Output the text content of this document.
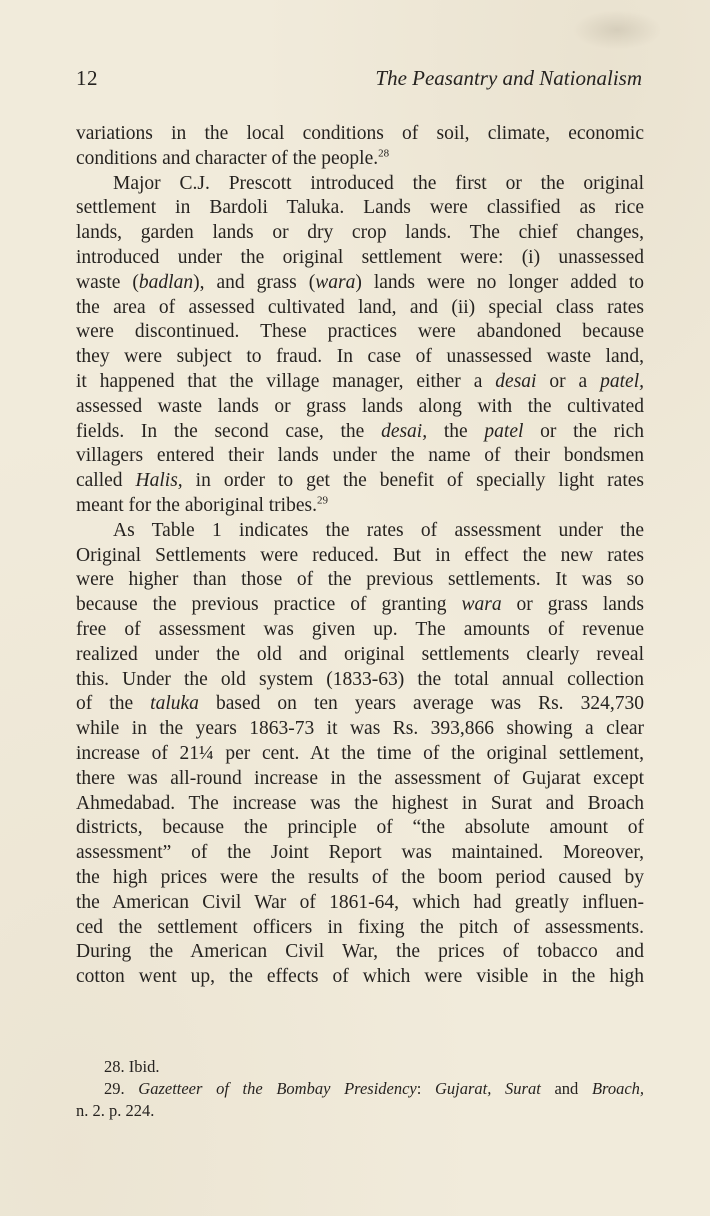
12	The Peasantry and Nationalism
variations in the local conditions of soil, climate, economic
conditions and character of the people.$^{28}$
Major C.J. Prescott introduced the first or the original
settlement in Bardoli Taluka. Lands were classified as rice
lands, garden lands or dry crop lands. The chief changes,
introduced under the original settlement were: (i) unassessed
waste (badlan), and grass (wara) lands were no longer added to
the area of assessed cultivated land, and (ii) special class rates
were discontinued. These practices were abandoned because
they were subject to fraud. In case of unassessed waste land,
it happened that the village manager, either a desai or a patel,
assessed waste lands or grass lands along with the cultivated
fields. In the second case, the desai, the patel or the rich
villagers entered their lands under the name of their bondsmen
called Halis, in order to get the benefit of specially light rates
meant for the aboriginal tribes.$^{29}$
As Table 1 indicates the rates of assessment under the
Original Settlements were reduced. But in effect the new rates
were higher than those of the previous settlements. It was so
because the previous practice of granting wara or grass lands
free of assessment was given up. The amounts of revenue
realized under the old and original settlements clearly reveal
this. Under the old system (1833-63) the total annual collection
of the taluka based on ten years average was Rs. 324,730
while in the years 1863-73 it was Rs. 393,866 showing a clear
increase of 21¼ per cent. At the time of the original settlement,
there was all-round increase in the assessment of Gujarat except
Ahmedabad. The increase was the highest in Surat and Broach
districts, because the principle of “the absolute amount of
assessment” of the Joint Report was maintained. Moreover,
the high prices were the results of the boom period caused by
the American Civil War of 1861-64, which had greatly influen-
ced the settlement officers in fixing the pitch of assessments.
During the American Civil War, the prices of tobacco and
cotton went up, the effects of which were visible in the high
28. Ibid.
29. Gazetteer of the Bombay Presidency: Gujarat, Surat and Broach,
n. 2. p. 224.
